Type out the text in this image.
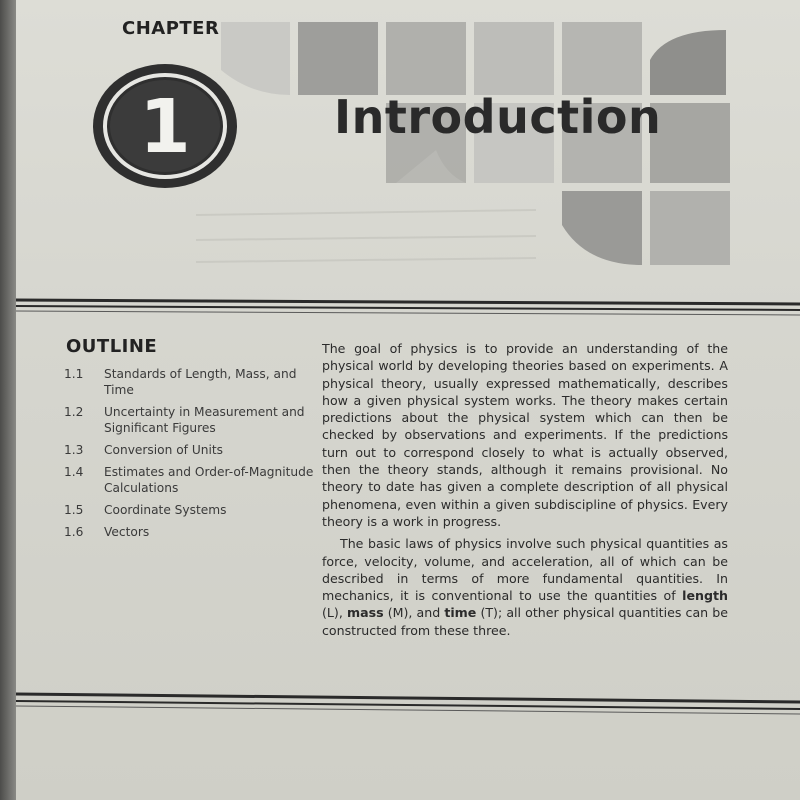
CHAPTER
1	Introduction
OUTLINE
1.1	Standards of Length, Mass, and Time
1.2	Uncertainty in Measurement and Significant Figures
1.3	Conversion of Units
1.4	Estimates and Order-of-Magnitude Calculations
1.5	Coordinate Systems
1.6	Vectors

The goal of physics is to provide an understanding of the physical world by developing theories based on experiments. A physical theory, usually expressed mathematically, describes how a given physical system works. The theory makes certain predictions about the physical system which can then be checked by observations and experiments. If the predictions turn out to correspond closely to what is actually observed, then the theory stands, although it remains provisional. No theory to date has given a complete description of all physical phenomena, even within a given subdiscipline of physics. Every theory is a work in progress.

The basic laws of physics involve such physical quantities as force, velocity, volume, and acceleration, all of which can be described in terms of more fundamental quantities. In mechanics, it is conventional to use the quantities of length (L), mass (M), and time (T); all other physical quantities can be constructed from these three.
